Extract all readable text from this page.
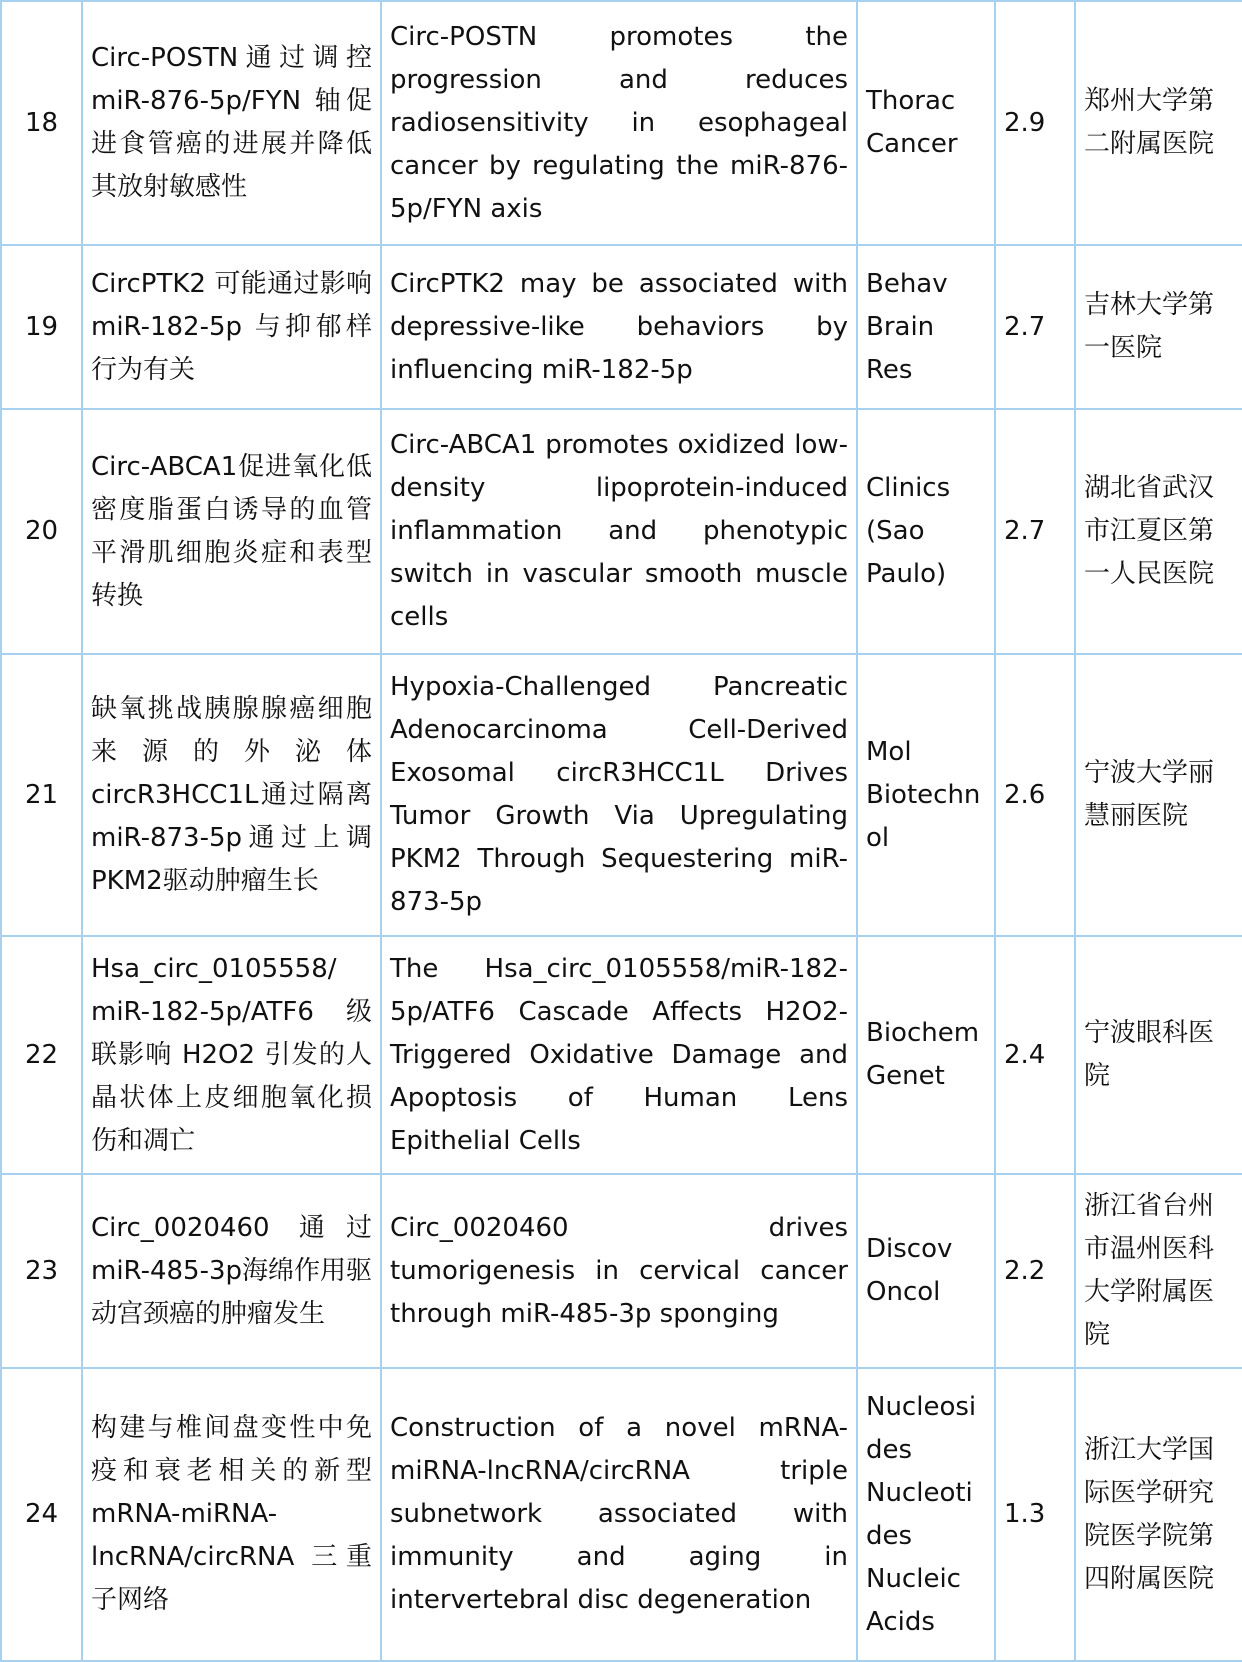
18	Circ-POSTN通过调控miR-876-5p/FYN 轴促进食管癌的进展并降低其放射敏感性	Circ-POSTN promotes the progression and reduces radiosensitivity in esophageal cancer by regulating the miR-876-5p/FYN axis	Thorac Cancer	2.9	郑州大学第二附属医院
19	CircPTK2 可能通过影响 miR-182-5p 与抑郁样行为有关	CircPTK2 may be associated with depressive-like behaviors by influencing miR-182-5p	Behav Brain Res	2.7	吉林大学第一医院
20	Circ-ABCA1促进氧化低密度脂蛋白诱导的血管平滑肌细胞炎症和表型转换	Circ-ABCA1 promotes oxidized low-density lipoprotein-induced inflammation and phenotypic switch in vascular smooth muscle cells	Clinics (Sao Paulo)	2.7	湖北省武汉市江夏区第一人民医院
21	缺氧挑战胰腺腺癌细胞来源的外泌体circR3HCC1L通过隔离miR-873-5p通过上调PKM2驱动肿瘤生长	Hypoxia-Challenged Pancreatic Adenocarcinoma Cell-Derived Exosomal circR3HCC1L Drives Tumor Growth Via Upregulating PKM2 Through Sequestering miR-873-5p	Mol Biotechnol	2.6	宁波大学丽慧丽医院
22	Hsa_circ_0105558/ miR-182-5p/ATF6 级联影响 H2O2 引发的人晶状体上皮细胞氧化损伤和凋亡	The Hsa_circ_0105558/miR-182-5p/ATF6 Cascade Affects H2O2-Triggered Oxidative Damage and Apoptosis of Human Lens Epithelial Cells	Biochem Genet	2.4	宁波眼科医院
23	Circ_0020460 通过miR-485-3p海绵作用驱动宫颈癌的肿瘤发生	Circ_0020460 drives tumorigenesis in cervical cancer through miR-485-3p sponging	Discov Oncol	2.2	浙江省台州市温州医科大学附属医院
24	构建与椎间盘变性中免疫和衰老相关的新型 mRNA-miRNA-lncRNA/circRNA 三重子网络	Construction of a novel mRNA-miRNA-lncRNA/circRNA triple subnetwork associated with immunity and aging in intervertebral disc degeneration	Nucleosides Nucleotides Nucleic Acids	1.3	浙江大学国际医学研究院医学院第四附属医院
